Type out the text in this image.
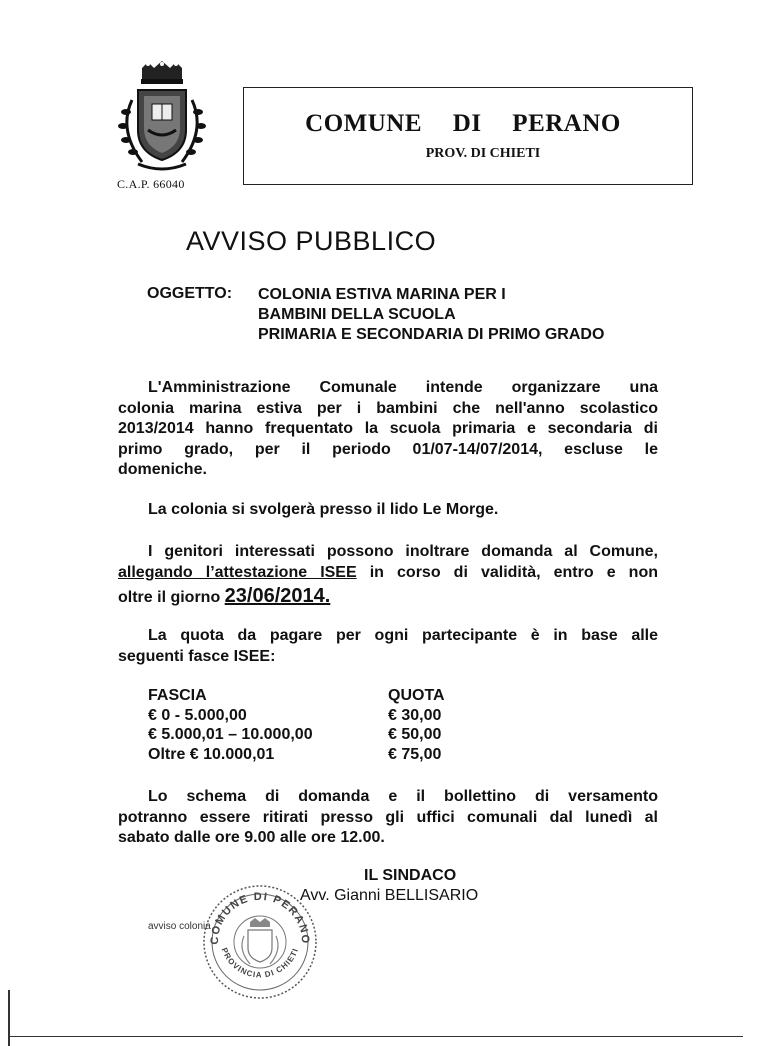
C.A.P. 66040
COMUNE DI PERANO
PROV. DI CHIETI
AVVISO PUBBLICO
OGGETTO: COLONIA ESTIVA MARINA PER I
BAMBINI DELLA SCUOLA
PRIMARIA E SECONDARIA DI PRIMO GRADO
L'Amministrazione Comunale intende organizzare una
colonia marina estiva per i bambini che nell'anno scolastico
2013/2014 hanno frequentato la scuola primaria e secondaria di
primo grado, per il periodo 01/07-14/07/2014, escluse le
domeniche.
La colonia si svolgerà presso il lido Le Morge.
I genitori interessati possono inoltrare domanda al Comune,
allegando l’attestazione ISEE in corso di validità, entro e non
oltre il giorno 23/06/2014.
La quota da pagare per ogni partecipante è in base alle
seguenti fasce ISEE:
FASCIA	QUOTA
€ 0 - 5.000,00	€ 30,00
€ 5.000,01 – 10.000,00	€ 50,00
Oltre € 10.000,01	€ 75,00
Lo schema di domanda e il bollettino di versamento
potranno essere ritirati presso gli uffici comunali dal lunedì al
sabato dalle ore 9.00 alle ore 12.00.
IL SINDACO
Avv. Gianni BELLISARIO
COMUNE DI PERANO
PROVINCIA DI CHIETI
avviso colonia
